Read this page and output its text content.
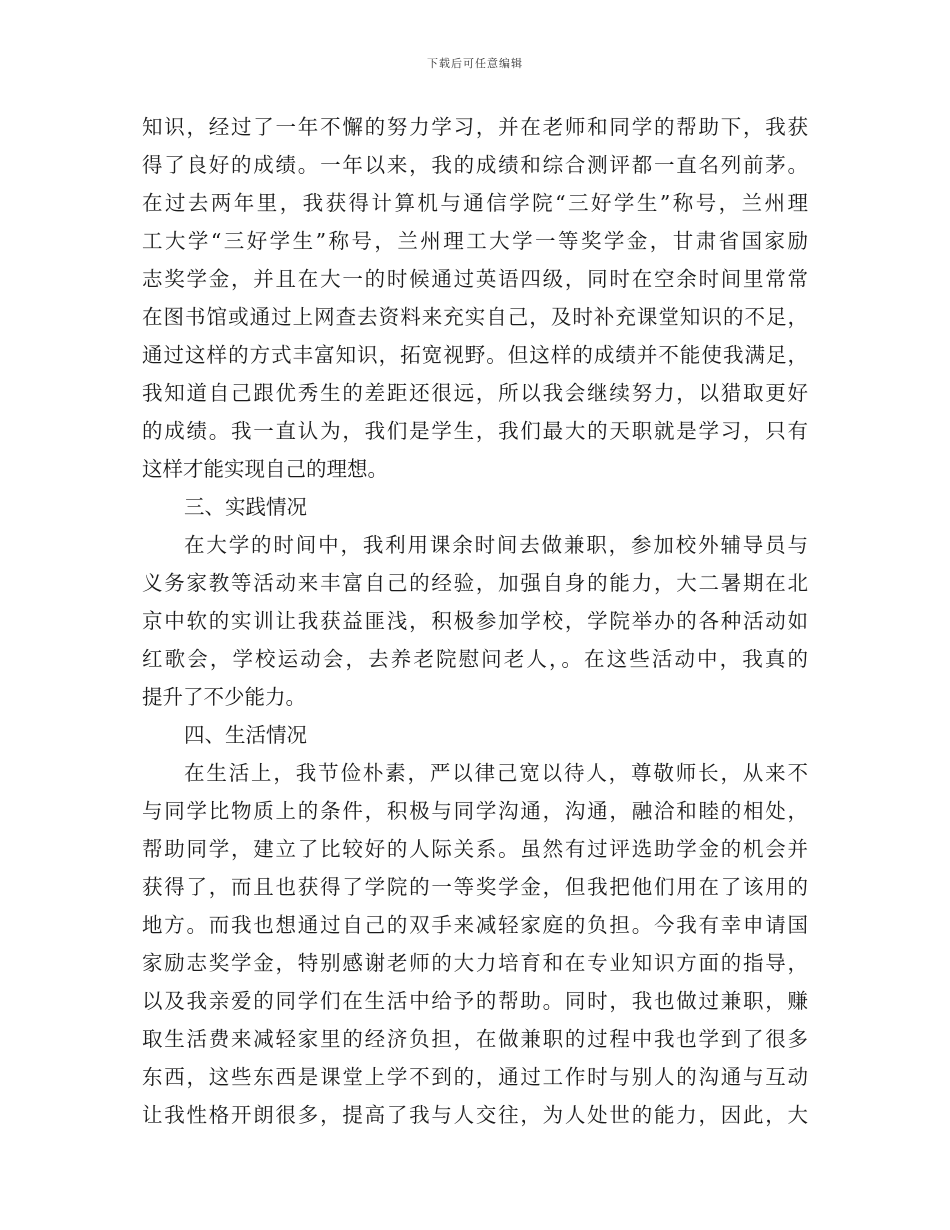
下载后可任意编辑
知识，经过了一年不懈的努力学习，并在老师和同学的帮助下，我获
得了良好的成绩。一年以来，我的成绩和综合测评都一直名列前茅。
在过去两年里，我获得计算机与通信学院“三好学生”称号，兰州理
工大学“三好学生”称号，兰州理工大学一等奖学金，甘肃省国家励
志奖学金，并且在大一的时候通过英语四级，同时在空余时间里常常
在图书馆或通过上网查去资料来充实自己，及时补充课堂知识的不足，
通过这样的方式丰富知识，拓宽视野。但这样的成绩并不能使我满足，
我知道自己跟优秀生的差距还很远，所以我会继续努力，以猎取更好
的成绩。我一直认为，我们是学生，我们最大的天职就是学习，只有
这样才能实现自己的理想。
三、实践情况
在大学的时间中，我利用课余时间去做兼职，参加校外辅导员与
义务家教等活动来丰富自己的经验，加强自身的能力，大二暑期在北
京中软的实训让我获益匪浅，积极参加学校，学院举办的各种活动如
红歌会，学校运动会，去养老院慰问老人，。在这些活动中，我真的
提升了不少能力。
四、生活情况
在生活上，我节俭朴素，严以律己宽以待人，尊敬师长，从来不
与同学比物质上的条件，积极与同学沟通，沟通，融洽和睦的相处，
帮助同学，建立了比较好的人际关系。虽然有过评选助学金的机会并
获得了，而且也获得了学院的一等奖学金，但我把他们用在了该用的
地方。而我也想通过自己的双手来减轻家庭的负担。今我有幸申请国
家励志奖学金，特别感谢老师的大力培育和在专业知识方面的指导，
以及我亲爱的同学们在生活中给予的帮助。同时，我也做过兼职，赚
取生活费来减轻家里的经济负担，在做兼职的过程中我也学到了很多
东西，这些东西是课堂上学不到的，通过工作时与别人的沟通与互动
让我性格开朗很多，提高了我与人交往，为人处世的能力，因此，大
